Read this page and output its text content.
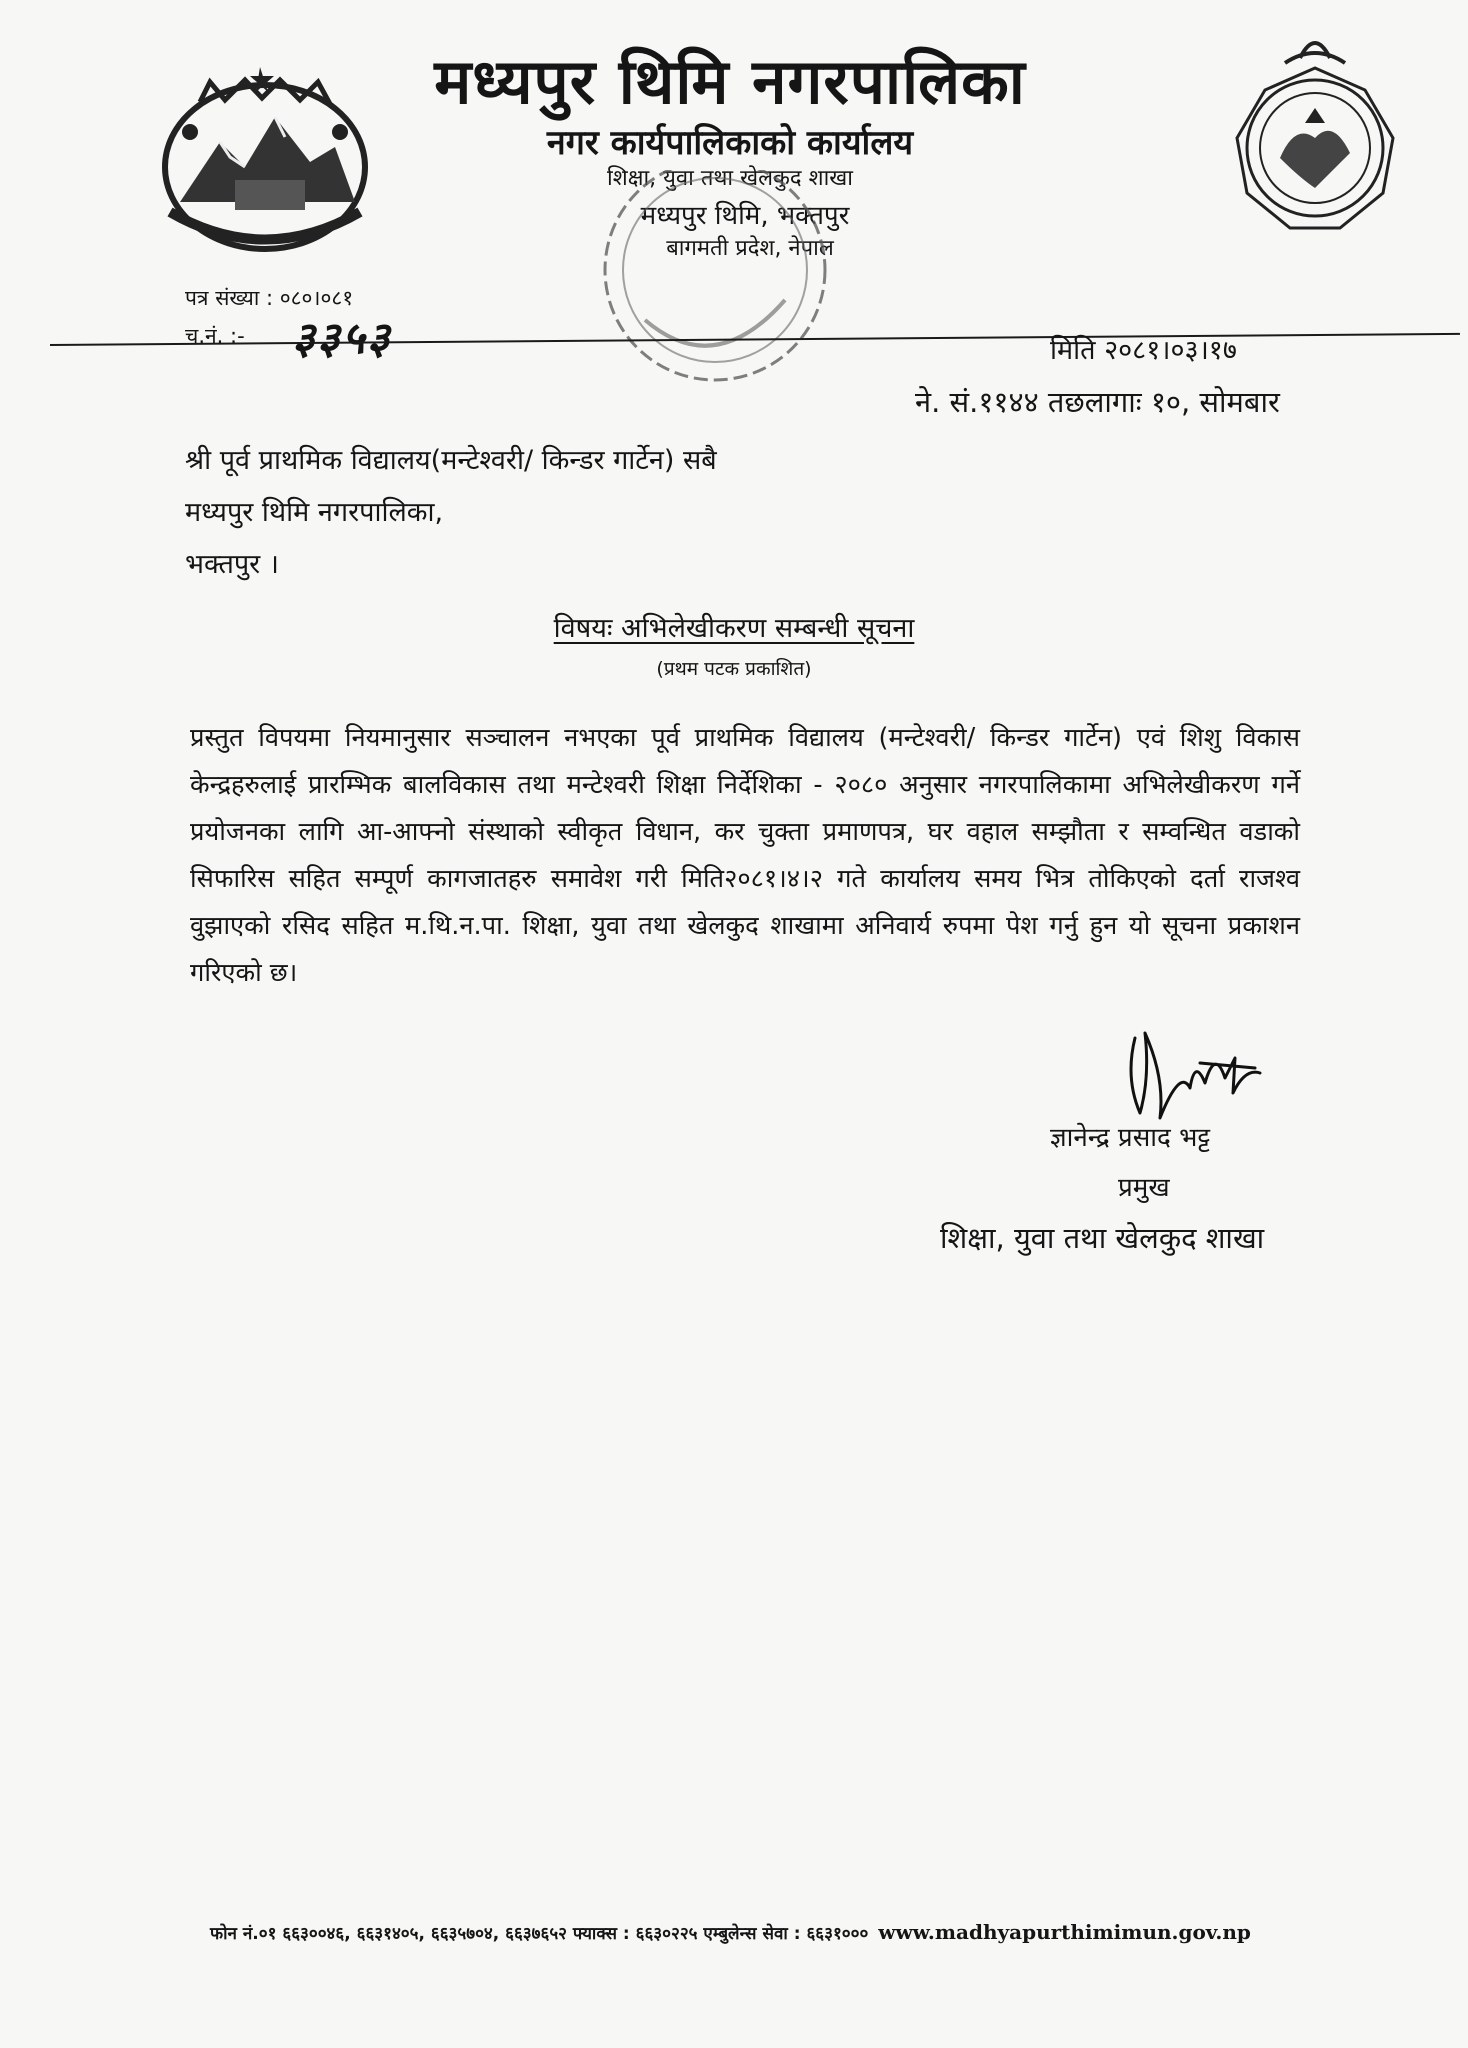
मध्यपुर थिमि नगरपालिका
नगर कार्यपालिकाको कार्यालय
शिक्षा, युवा तथा खेलकुद शाखा
मध्यपुर थिमि, भक्तपुर
बागमती प्रदेश, नेपाल
पत्र संख्या : ०८०।०८१
च.नं. :- ३३५३	मिति २०८१।०३।१७
ने. सं.११४४ तछलागाः १०, सोमबार
श्री पूर्व प्राथमिक विद्यालय(मन्टेश्वरी/ किन्डर गार्टेन) सबै
मध्यपुर थिमि नगरपालिका,
भक्तपुर ।
विषयः अभिलेखीकरण सम्बन्धी सूचना
(प्रथम पटक प्रकाशित)
प्रस्तुत विपयमा नियमानुसार सञ्चालन नभएका पूर्व प्राथमिक विद्यालय (मन्टेश्वरी/ किन्डर गार्टेन) एवं शिशु विकास केन्द्रहरुलाई प्रारम्भिक बालविकास तथा मन्टेश्वरी शिक्षा निर्देशिका - २०८० अनुसार नगरपालिकामा अभिलेखीकरण गर्ने प्रयोजनका लागि आ-आफ्नो संस्थाको स्वीकृत विधान, कर चुक्ता प्रमाणपत्र, घर वहाल सम्झौता र सम्वन्धित वडाको सिफारिस सहित सम्पूर्ण कागजातहरु समावेश गरी मिति२०८१।४।२ गते कार्यालय समय भित्र तोकिएको दर्ता राजश्व वुझाएको रसिद सहित म.थि.न.पा. शिक्षा, युवा तथा खेलकुद शाखामा अनिवार्य रुपमा पेश गर्नु हुन यो सूचना प्रकाशन गरिएको छ।
ज्ञानेन्द्र प्रसाद भट्ट
प्रमुख
शिक्षा, युवा तथा खेलकुद शाखा
फोन नं.०१ ६६३००४६, ६६३१४०५, ६६३५७०४, ६६३७६५२ फ्याक्स : ६६३०२२५ एम्बुलेन्स सेवा : ६६३१००० www.madhyapurthimimun.gov.np
